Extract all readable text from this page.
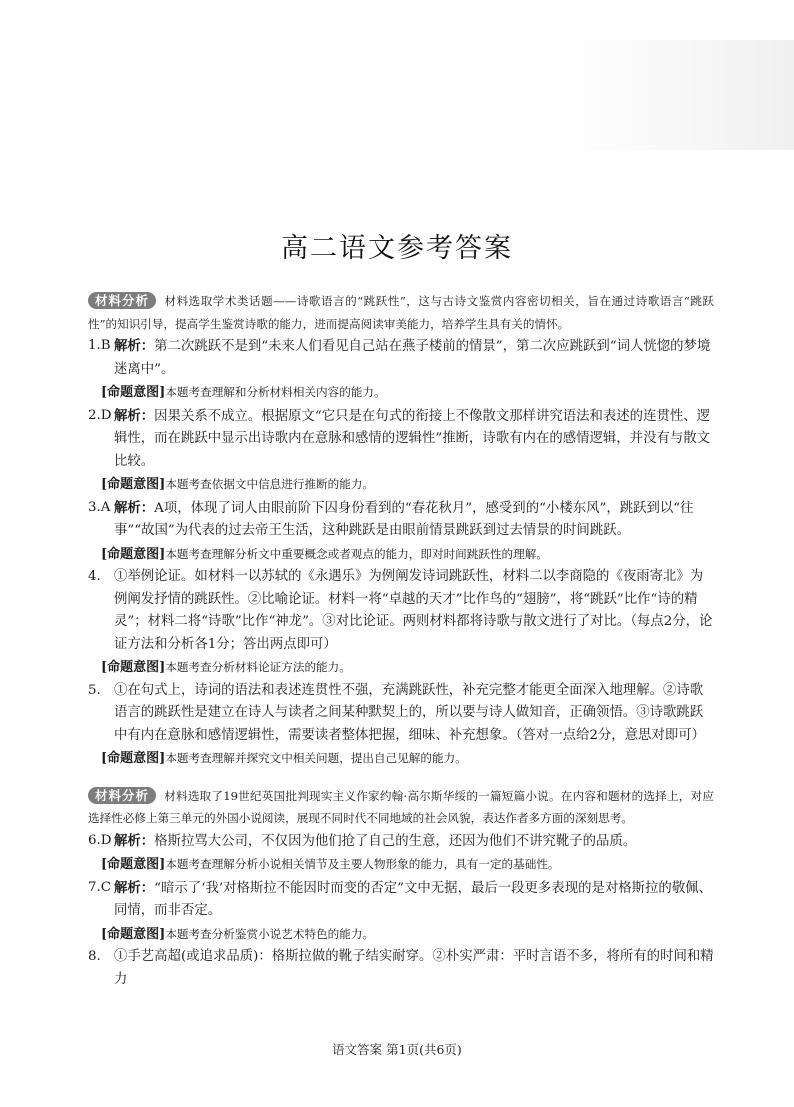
高二语文参考答案

材料分析 材料选取学术类话题——诗歌语言的“跳跃性”，这与古诗文鉴赏内容密切相关，旨在通过诗歌语言“跳跃性”的知识引导，提高学生鉴赏诗歌的能力，进而提高阅读审美能力，培养学生具有关的情怀。

1.B 解析：第二次跳跃不是到“未来人们看见自己站在燕子楼前的情景”，第二次应跳跃到“词人恍惚的梦境迷离中”。
[命题意图]本题考查理解和分析材料相关内容的能力。
2.D 解析：因果关系不成立。根据原文“它只是在句式的衔接上不像散文那样讲究语法和表述的连贯性、逻辑性，而在跳跃中显示出诗歌内在意脉和感情的逻辑性”推断，诗歌有内在的感情逻辑，并没有与散文比较。
[命题意图]本题考查依据文中信息进行推断的能力。
3.A 解析：A项，体现了词人由眼前阶下囚身份看到的“春花秋月”，感受到的“小楼东风”，跳跃到以“往事”“故国”为代表的过去帝王生活，这种跳跃是由眼前情景跳跃到过去情景的时间跳跃。
[命题意图]本题考查理解分析文中重要概念或者观点的能力，即对时间跳跃性的理解。
4. ①举例论证。如材料一以苏轼的《永遇乐》为例阐发诗词跳跃性，材料二以李商隐的《夜雨寄北》为例阐发抒情的跳跃性。②比喻论证。材料一将“卓越的天才”比作鸟的“翅膀”，将“跳跃”比作“诗的精灵”；材料二将“诗歌”比作“神龙”。③对比论证。两则材料都将诗歌与散文进行了对比。（每点2分，论证方法和分析各1分；答出两点即可）
[命题意图]本题考查分析材料论证方法的能力。
5. ①在句式上，诗词的语法和表述连贯性不强，充满跳跃性，补充完整才能更全面深入地理解。②诗歌语言的跳跃性是建立在诗人与读者之间某种默契上的，所以要与诗人做知音，正确领悟。③诗歌跳跃中有内在意脉和感情逻辑性，需要读者整体把握，细味、补充想象。（答对一点给2分，意思对即可）
[命题意图]本题考查理解并探究文中相关问题，提出自己见解的能力。

材料分析 材料选取了19世纪英国批判现实主义作家约翰·高尔斯华绥的一篇短篇小说。在内容和题材的选择上，对应选择性必修上第三单元的外国小说阅读，展现不同时代不同地域的社会风貌，表达作者多方面的深刻思考。

6.D 解析：格斯拉骂大公司，不仅因为他们抢了自己的生意，还因为他们不讲究靴子的品质。
[命题意图]本题考查理解分析小说相关情节及主要人物形象的能力，具有一定的基础性。
7.C 解析：“暗示了‘我’对格斯拉不能因时而变的否定”文中无据，最后一段更多表现的是对格斯拉的敬佩、同情，而非否定。
[命题意图]本题考查分析鉴赏小说艺术特色的能力。
8. ①手艺高超(或追求品质)：格斯拉做的靴子结实耐穿。②朴实严肃：平时言语不多，将所有的时间和精力
语文答案 第1页(共6页)
